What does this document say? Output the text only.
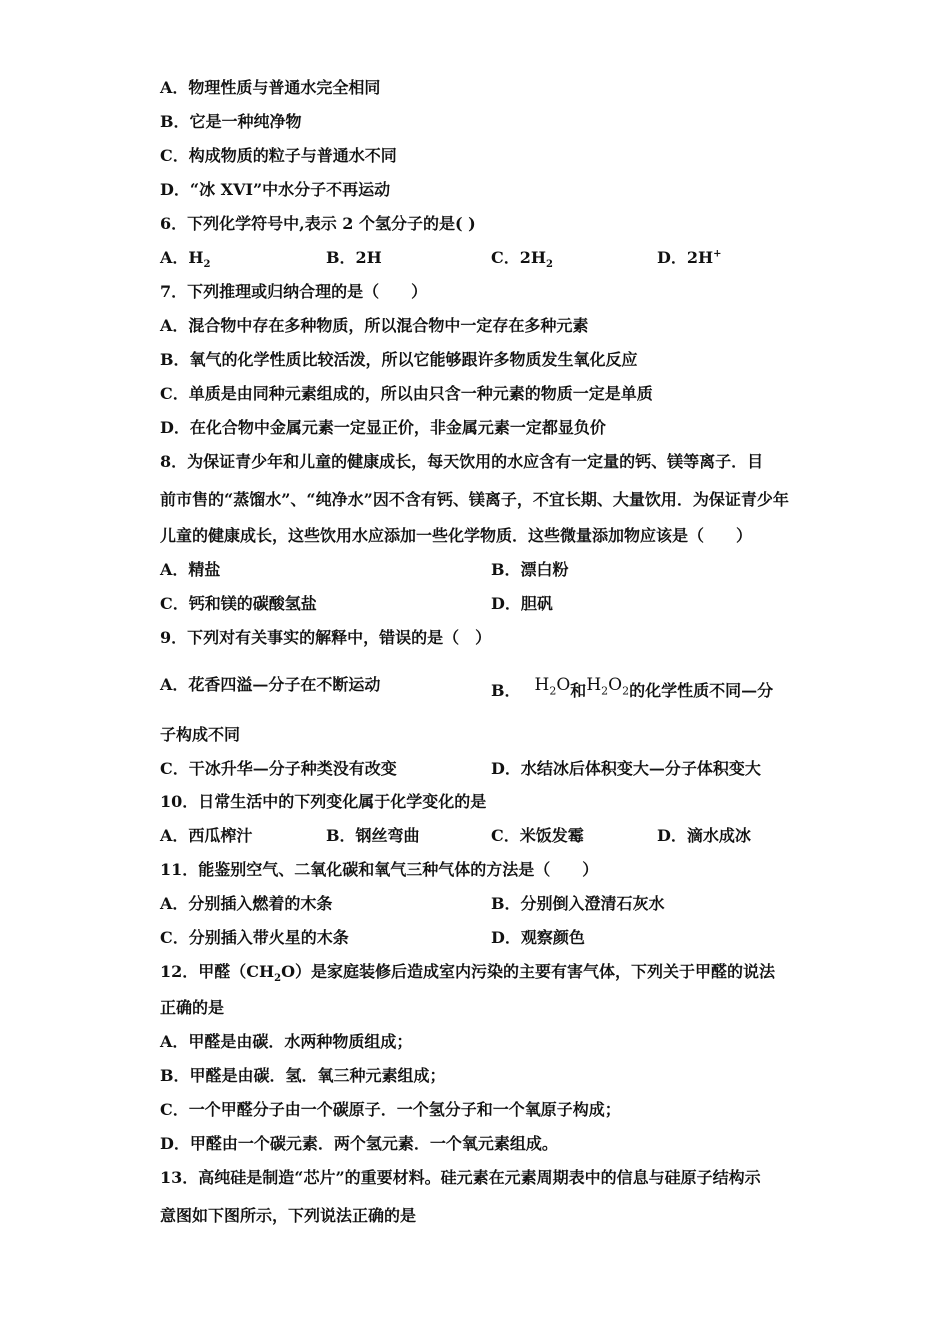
A．物理性质与普通水完全相同
B．它是一种纯净物
C．构成物质的粒子与普通水不同
D．“冰 XVI”中水分子不再运动
6．下列化学符号中,表示 2 个氢分子的是( )
A．$H_2$	B．2H	C．$2H_2$	D．2H+
7．下列推理或归纳合理的是（　　）
A．混合物中存在多种物质，所以混合物中一定存在多种元素
B．氧气的化学性质比较活泼，所以它能够跟许多物质发生氧化反应
C．单质是由同种元素组成的，所以由只含一种元素的物质一定是单质
D．在化合物中金属元素一定显正价，非金属元素一定都显负价
8．为保证青少年和儿童的健康成长，每天饮用的水应含有一定量的钙、镁等离子．目
前市售的“蒸馏水”、“纯净水”因不含有钙、镁离子，不宜长期、大量饮用．为保证青少年
儿童的健康成长，这些饮用水应添加一些化学物质．这些微量添加物应该是（　　）
A．精盐	B．漂白粉
C．钙和镁的碳酸氢盐	D．胆矾
9．下列对有关事实的解释中，错误的是（　）
A．花香四溢—分子在不断运动	B． $H_2O$和$H_2O_2$的化学性质不同—分
子构成不同
C．干冰升华—分子种类没有改变	D．水结冰后体积变大—分子体积变大
10．日常生活中的下列变化属于化学变化的是
A．西瓜榨汁	B．钢丝弯曲	C．米饭发霉	D．滴水成冰
11．能鉴别空气、二氧化碳和氧气三种气体的方法是（　　）
A．分别插入燃着的木条	B．分别倒入澄清石灰水
C．分别插入带火星的木条	D．观察颜色
12．甲醛$(CH_2O)$是家庭装修后造成室内污染的主要有害气体，下列关于甲醛的说法
正确的是
A．甲醛是由碳．水两种物质组成；
B．甲醛是由碳．氢．氧三种元素组成；
C．一个甲醛分子由一个碳原子．一个氢分子和一个氧原子构成；
D．甲醛由一个碳元素．两个氢元素．一个氧元素组成。
13．高纯硅是制造“芯片”的重要材料。硅元素在元素周期表中的信息与硅原子结构示
意图如下图所示，下列说法正确的是
